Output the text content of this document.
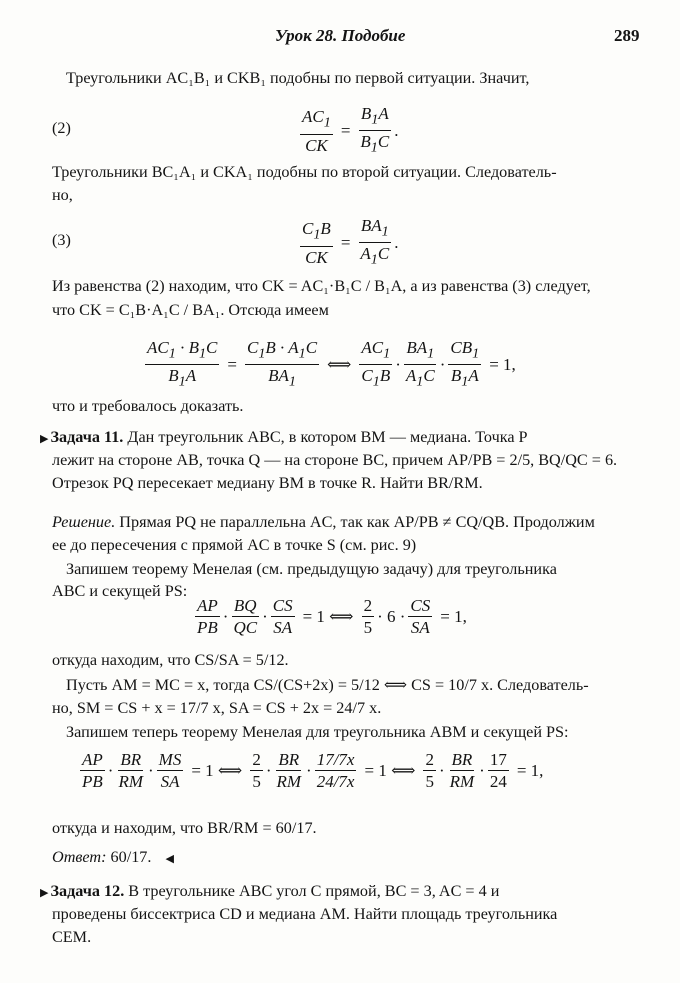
Урок 28. Подобие	289
Треугольники AC₁B₁ и CKB₁ подобны по первой ситуации. Значит,
(2)	$\frac{AC_1}{CK} = \frac{B_1A}{B_1C}$ .
Треугольники BC₁A₁ и CKA₁ подобны по второй ситуации. Следователь-
но,
(3)	$\frac{C_1B}{CK} = \frac{BA_1}{A_1C}$ .
Из равенства (2) находим, что CK = AC₁·B₁C / B₁A, а из равенства (3) следует,
что CK = C₁B·A₁C / BA₁. Отсюда имеем
$\frac{AC_1 \cdot B_1C}{B_1A} = \frac{C_1B \cdot A_1C}{BA_1}$ ⟺
$AC_1$
$C_1B$
·
$BA_1$
$A_1C$
· $\frac{CB_1}{B_1A} = 1$,
что и требовалось доказать.
▶ Задача 11. Дан треугольник ABC, в котором BM — медиана. Точка P
лежит на стороне AB, точка Q — на стороне BC, причем AP/PB = 2/5, BQ/QC = 6.
Отрезок PQ пересекает медиану BM в точке R. Найти BR/RM.
Решение. Прямая PQ не параллельна AC, так как AP/PB ≠ CQ/QB. Продолжим
ее до пересечения с прямой AC в точке S (см. рис. 9)
Запишем теорему Менелая (см. предыдущую задачу) для треугольника
ABC и секущей PS:
AP
PB
·
BQ
QC
· $\frac{CS}{SA} = 1$ ⟺
2
5
· $6 \cdot \frac{CS}{SA} = 1$,
откуда находим, что CS/SA = 5/12.
Пусть AM = MC = x, тогда CS/(CS+2x) = 5/12 ⟺ CS = 10/7 x. Следователь-
но, SM = CS + x = 17/7 x, SA = CS + 2x = 24/7 x.
Запишем теперь теорему Менелая для треугольника ABM и секущей PS:
AP
PB
·
BR
RM
· $\frac{MS}{SA} = 1$ ⟺
2
5
·
BR
RM
· $\frac{17/7x}{24/7x} = 1$ ⟺
2
5
·
BR
RM
· $\frac{17}{24} = 1$,
откуда и находим, что BR/RM = 60/17.
Ответ: 60/17. ◀
▶ Задача 12. В треугольнике ABC угол C прямой, BC = 3, AC = 4 и
проведены биссектриса CD и медиана AM. Найти площадь треугольника
CEM.
